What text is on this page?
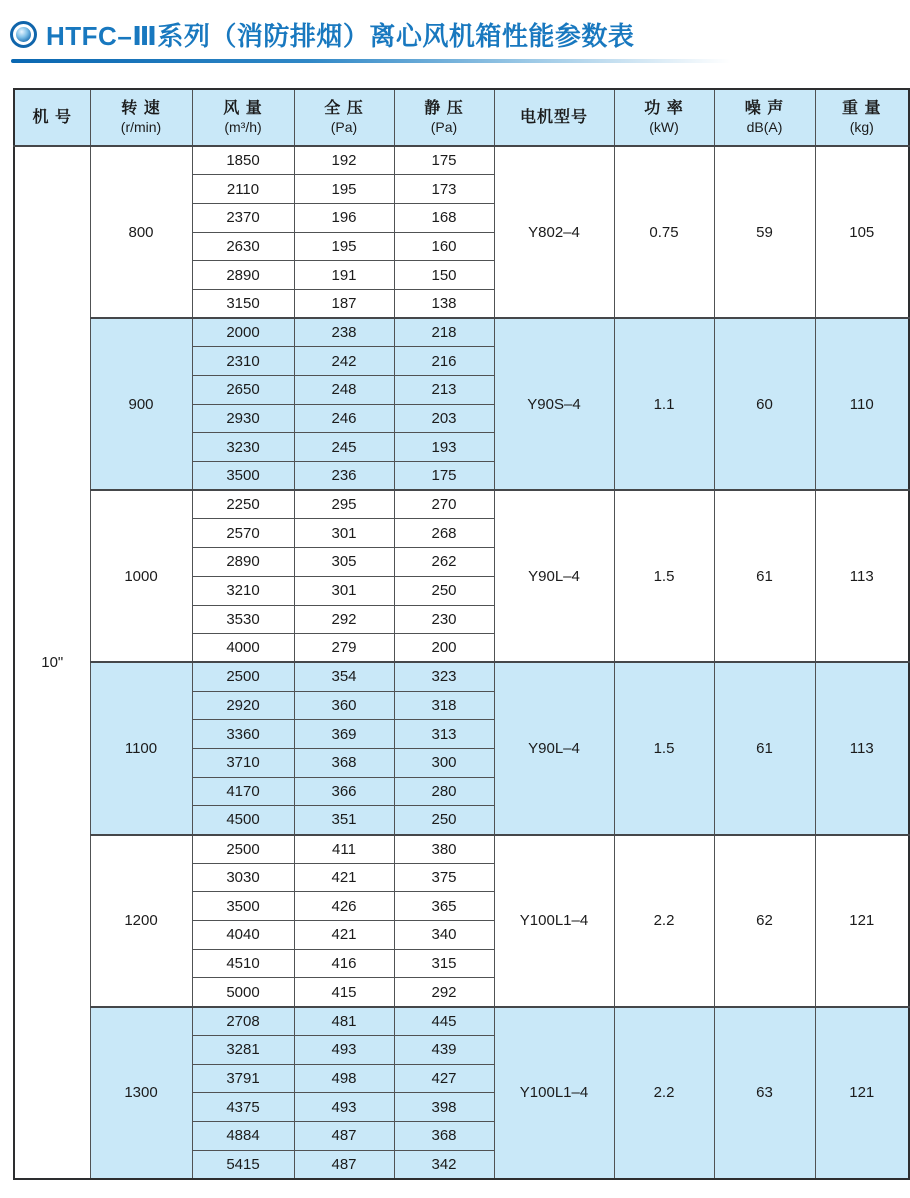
HTFC–Ⅲ系列（消防排烟）离心风机箱性能参数表
机 号	转 速
(r/min)

风 量
(m³/h)

全 压
(Pa)

静 压
(Pa)

电机型号	功 率
(kW)

噪 声
dB(A)

重 量
(kg)

10"	800	1850	192	175	Y802–4	0.75	59	105
		2110	195	173				
		2370	196	168				
		2630	195	160				
		2890	191	150				
		3150	187	138				
	900	2000	238	218	Y90S–4	1.1	60	110
		2310	242	216				
		2650	248	213				
		2930	246	203				
		3230	245	193				
		3500	236	175				
	1000	2250	295	270	Y90L–4	1.5	61	113
		2570	301	268				
		2890	305	262				
		3210	301	250				
		3530	292	230				
		4000	279	200				
	1100	2500	354	323	Y90L–4	1.5	61	113
		2920	360	318				
		3360	369	313				
		3710	368	300				
		4170	366	280				
		4500	351	250				
	1200	2500	411	380	Y100L1–4	2.2	62	121
		3030	421	375				
		3500	426	365				
		4040	421	340				
		4510	416	315				
		5000	415	292				
	1300	2708	481	445	Y100L1–4	2.2	63	121
		3281	493	439				
		3791	498	427				
		4375	493	398				
		4884	487	368				
		5415	487	342				
